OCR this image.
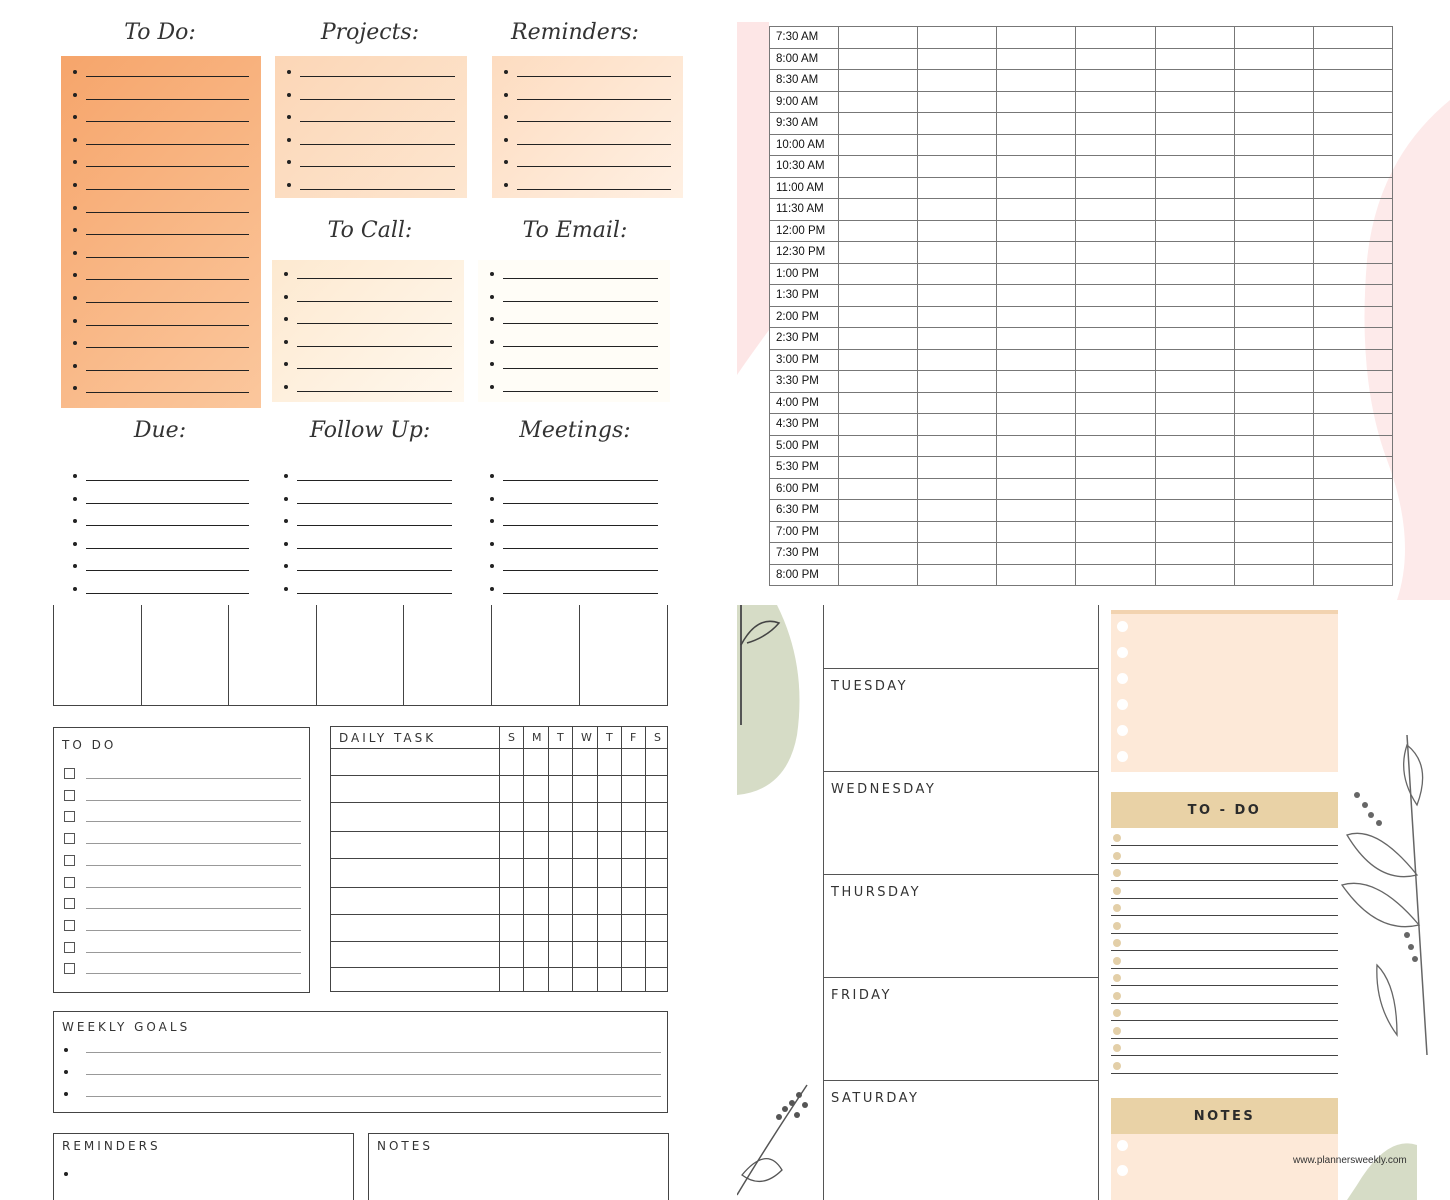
To Do:	Projects:	Reminders:
To Call:	To Email:
Due:	Follow Up:	Meetings:
7:30 AM							
8:00 AM							
8:30 AM							
9:00 AM							
9:30 AM							
10:00 AM							
10:30 AM							
11:00 AM							
11:30 AM							
12:00 PM							
12:30 PM							
1:00 PM							
1:30 PM							
2:00 PM							
2:30 PM							
3:00 PM							
3:30 PM							
4:00 PM							
4:30 PM							
5:00 PM							
5:30 PM							
6:00 PM							
6:30 PM							
7:00 PM							
7:30 PM							
8:00 PM							
TO DO	DAILY TASK	S M T W T F S
WEEKLY GOALS
REMINDERS	NOTES
TO - DO
NOTES
www.plannersweekly.com
TUESDAY
WEDNESDAY
THURSDAY
FRIDAY
SATURDAY
